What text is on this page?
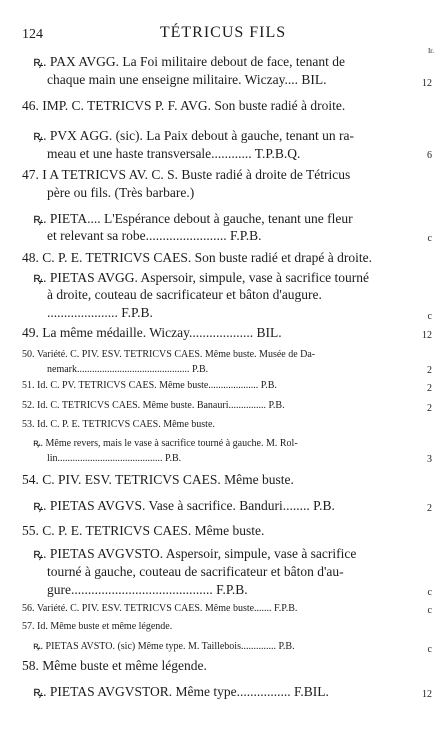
124	TÉTRICUS FILS
Ir.
ꝶ. PAX AVGG. La Foi militaire debout de face, tenant de
chaque main une enseigne militaire. Wiczay.... BIL.	12
46. IMP. C. TETRICVS P. F. AVG. Son buste radié à droite.
ꝶ. PVX AGG. (sic). La Paix debout à gauche, tenant un ra-
meau et une haste transversale............ T.P.B.Q.	6
47. I A TETRICVS AV. C. S. Buste radié à droite de Tétricus
père ou fils. (Très barbare.)
ꝶ. PIETA.... L'Espérance debout à gauche, tenant une fleur
et relevant sa robe........................ F.P.B.	c
48. C. P. E. TETRICVS CAES. Son buste radié et drapé à droite.
ꝶ. PIETAS AVGG. Aspersoir, simpule, vase à sacrifice tourné
à droite, couteau de sacrificateur et bâton d'augure.
..................... F.P.B.	c
49. La même médaille. Wiczay................... BIL.	12
50. Variété. C. PIV. ESV. TETRICVS CAES. Même buste. Musée de Da-
nemark............................................. P.B.	2
51. Id. C. PV. TETRICVS CAES. Même buste.................... P.B.	2
52. Id. C. TETRICVS CAES. Même buste. Banauri............... P.B.	2
53. Id. C. P. E. TETRICVS CAES. Même buste.
ꝶ. Même revers, mais le vase à sacrifice tourné à gauche. M. Rol-
lin.......................................... P.B.	3
54. C. PIV. ESV. TETRICVS CAES. Même buste.
ꝶ. PIETAS AVGVS. Vase à sacrifice. Banduri........ P.B.	2
55. C. P. E. TETRICVS CAES. Même buste.
ꝶ. PIETAS AVGVSTO. Aspersoir, simpule, vase à sacrifice
tourné à gauche, couteau de sacrificateur et bâton d'au-
gure.......................................... F.P.B.	c
56. Variété. C. PIV. ESV. TETRICVS CAES. Même buste....... F.P.B.	c
57. Id. Même buste et même légende.
ꝶ. PIETAS AVSTO. (sic) Même type. M. Taillebois.............. P.B.	c
58. Même buste et même légende.
ꝶ. PIETAS AVGVSTOR. Même type................ F.BIL.	12
